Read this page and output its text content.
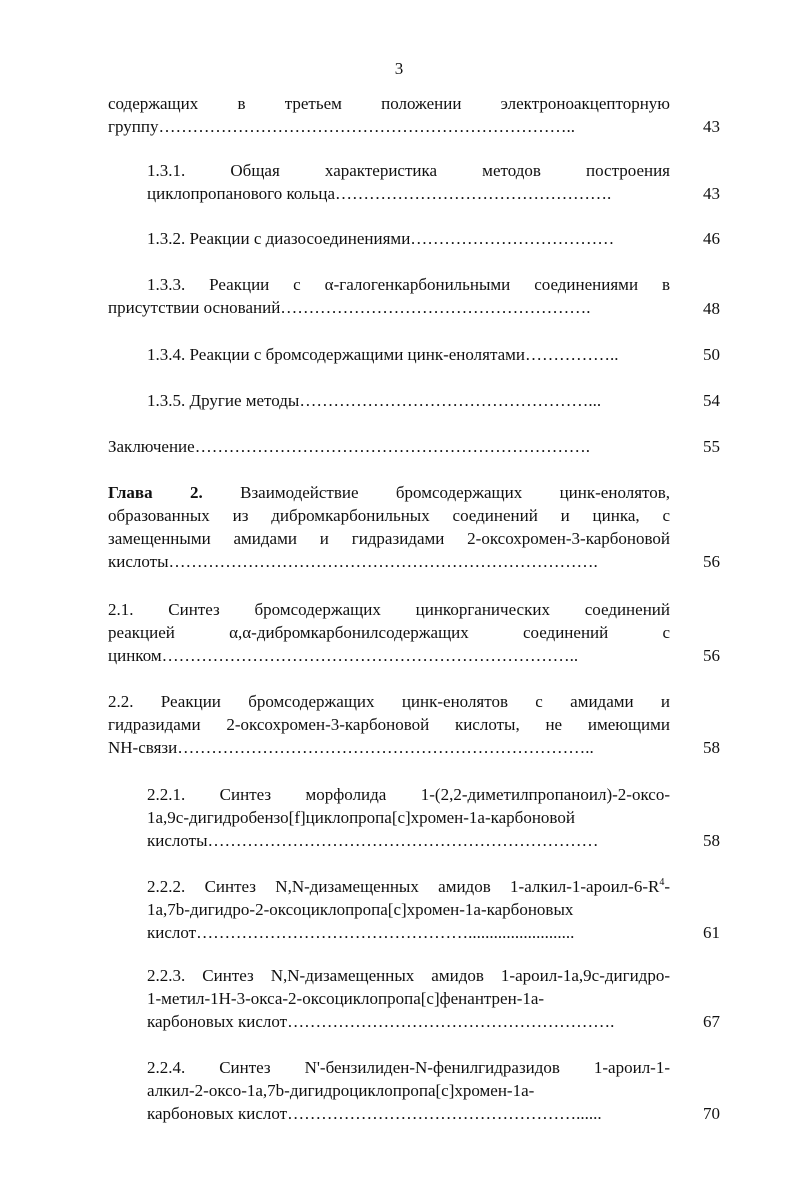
3
содержащих в третьем положении электроноакцепторную
группу………………………………………………………………..	43
1.3.1. Общая характеристика методов построения
циклопропанового кольца………………………………………….	43
1.3.2. Реакции с диазосоединениями………………………………	46
1.3.3. Реакции с α-галогенкарбонильными соединениями в
присутствии оснований……………………………………………….	48
1.3.4. Реакции с бромсодержащими цинк-енолятами……………..	50
1.3.5. Другие методы……………………………………………...	54
Заключение…………………………………………………………….	55
Глава 2. Взаимодействие бромсодержащих цинк-енолятов,
образованных из дибромкарбонильных соединений и цинка, с
замещенными амидами и гидразидами 2-оксохромен-3-карбоновой
кислоты………………………………………………………………….	56
2.1. Синтез бромсодержащих цинкорганических соединений
реакцией α,α-дибромкарбонилсодержащих соединений с
цинком………………………………………………………………..	56
2.2. Реакции бромсодержащих цинк-енолятов с амидами и
гидразидами 2-оксохромен-3-карбоновой кислоты, не имеющими
NH-связи………………………………………………………………..	58
2.2.1. Синтез морфолида 1-(2,2-диметилпропаноил)-2-оксо-
1a,9c-дигидробензо[f]циклопропа[c]хромен-1a-карбоновой
кислоты……………………………………………………………	58
2.2.2. Синтез N,N-дизамещенных амидов $1-алкил-1-ароил-6-R^4-$
1a,7b-дигидро-2-оксоциклопропа[c]хромен-1a-карбоновых
кислот………………………………………….........................	61
2.2.3. Синтез N,N-дизамещенных амидов 1-ароил-1a,9c-дигидро-
1-метил-1H-3-окса-2-оксоциклопропа[c]фенантрен-1a-
карбоновых кислот………………………………………………….	67
2.2.4. Синтез N'-бензилиден-N-фенилгидразидов 1-ароил-1-
алкил-2-оксо-1a,7b-дигидроциклопропа[c]хромен-1a-
карбоновых кислот……………………………………………......	70
